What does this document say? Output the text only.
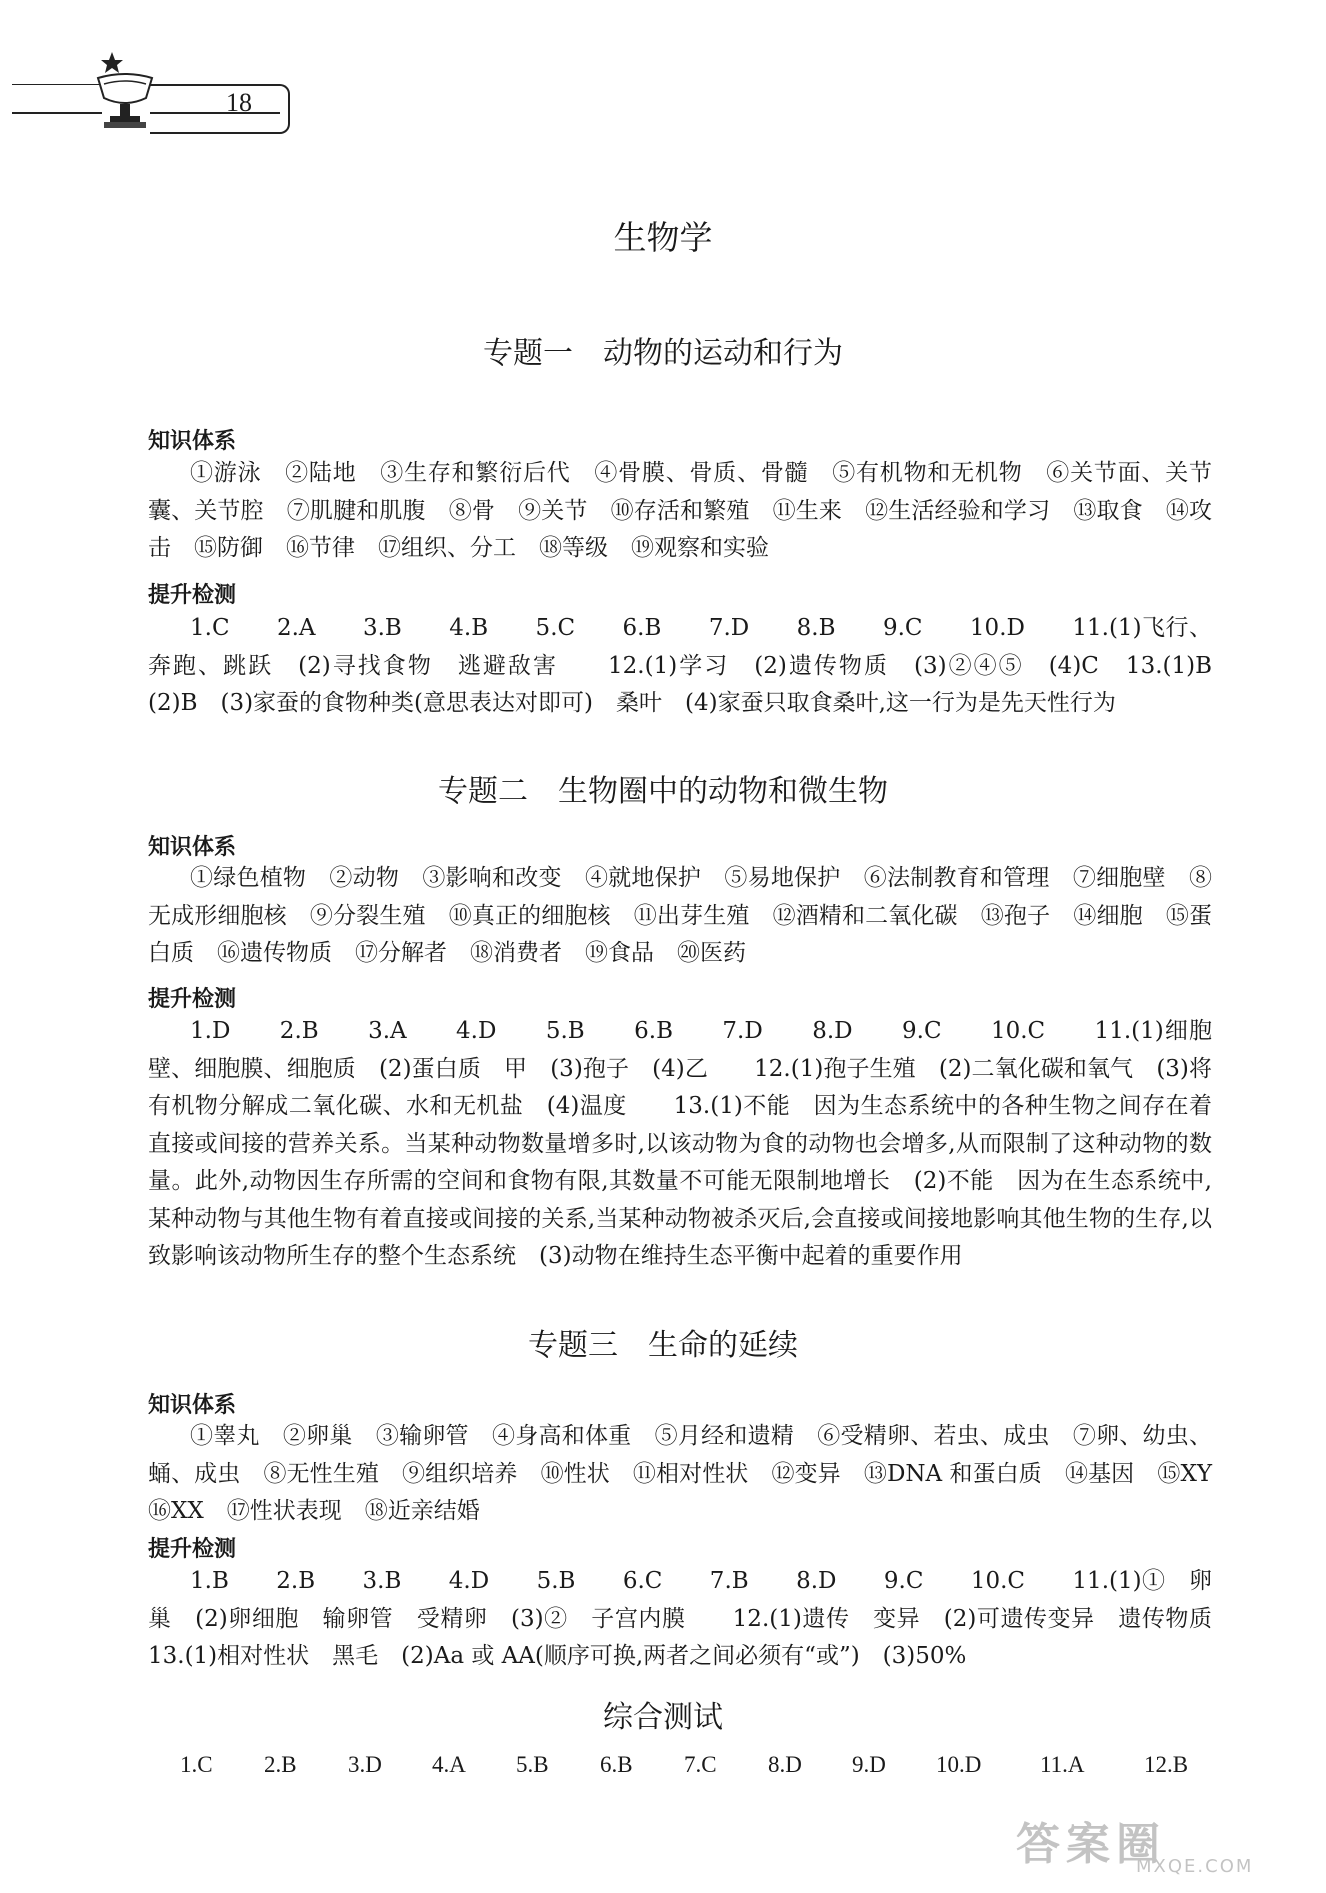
18
生物学
专题一　动物的运动和行为
知识体系
①游泳　②陆地　③生存和繁衍后代　④骨膜、骨质、骨髓　⑤有机物和无机物　⑥关节面、关节囊、关节腔　⑦肌腱和肌腹　⑧骨　⑨关节　⑩存活和繁殖　⑪生来　⑫生活经验和学习　⑬取食　⑭攻击　⑮防御　⑯节律　⑰组织、分工　⑱等级　⑲观察和实验
提升检测
1.C　　2.A　　3.B　　4.B　　5.C　　6.B　　7.D　　8.B　　9.C　　10.D　　11.(1)飞行、奔跑、跳跃　(2)寻找食物　逃避敌害　　12.(1)学习　(2)遗传物质　(3)②④⑤　(4)C　13.(1)B　(2)B　(3)家蚕的食物种类(意思表达对即可)　桑叶　(4)家蚕只取食桑叶,这一行为是先天性行为
专题二　生物圈中的动物和微生物
知识体系
①绿色植物　②动物　③影响和改变　④就地保护　⑤易地保护　⑥法制教育和管理　⑦细胞壁　⑧无成形细胞核　⑨分裂生殖　⑩真正的细胞核　⑪出芽生殖　⑫酒精和二氧化碳　⑬孢子　⑭细胞　⑮蛋白质　⑯遗传物质　⑰分解者　⑱消费者　⑲食品　⑳医药
提升检测
1.D　　2.B　　3.A　　4.D　　5.B　　6.B　　7.D　　8.D　　9.C　　10.C　　11.(1)细胞壁、细胞膜、细胞质　(2)蛋白质　甲　(3)孢子　(4)乙　　12.(1)孢子生殖　(2)二氧化碳和氧气　(3)将有机物分解成二氧化碳、水和无机盐　(4)温度　　13.(1)不能　因为生态系统中的各种生物之间存在着直接或间接的营养关系。当某种动物数量增多时,以该动物为食的动物也会增多,从而限制了这种动物的数量。此外,动物因生存所需的空间和食物有限,其数量不可能无限制地增长　(2)不能　因为在生态系统中,某种动物与其他生物有着直接或间接的关系,当某种动物被杀灭后,会直接或间接地影响其他生物的生存,以致影响该动物所生存的整个生态系统　(3)动物在维持生态平衡中起着的重要作用
专题三　生命的延续
知识体系
①睾丸　②卵巢　③输卵管　④身高和体重　⑤月经和遗精　⑥受精卵、若虫、成虫　⑦卵、幼虫、蛹、成虫　⑧无性生殖　⑨组织培养　⑩性状　⑪相对性状　⑫变异　⑬DNA 和蛋白质　⑭基因　⑮XY　⑯XX　⑰性状表现　⑱近亲结婚
提升检测
1.B　　2.B　　3.B　　4.D　　5.B　　6.C　　7.B　　8.D　　9.C　　10.C　　11.(1)①　卵巢　(2)卵细胞　输卵管　受精卵　(3)②　子宫内膜　　12.(1)遗传　变异　(2)可遗传变异　遗传物质　　13.(1)相对性状　黑毛　(2)Aa 或 AA(顺序可换,两者之间必须有“或”)　(3)50%
综合测试
1.C 2.B 3.D 4.A 5.B 6.B 7.C 8.D 9.D 10.D	11.A	12.B
答案圈
MXQE.COM
